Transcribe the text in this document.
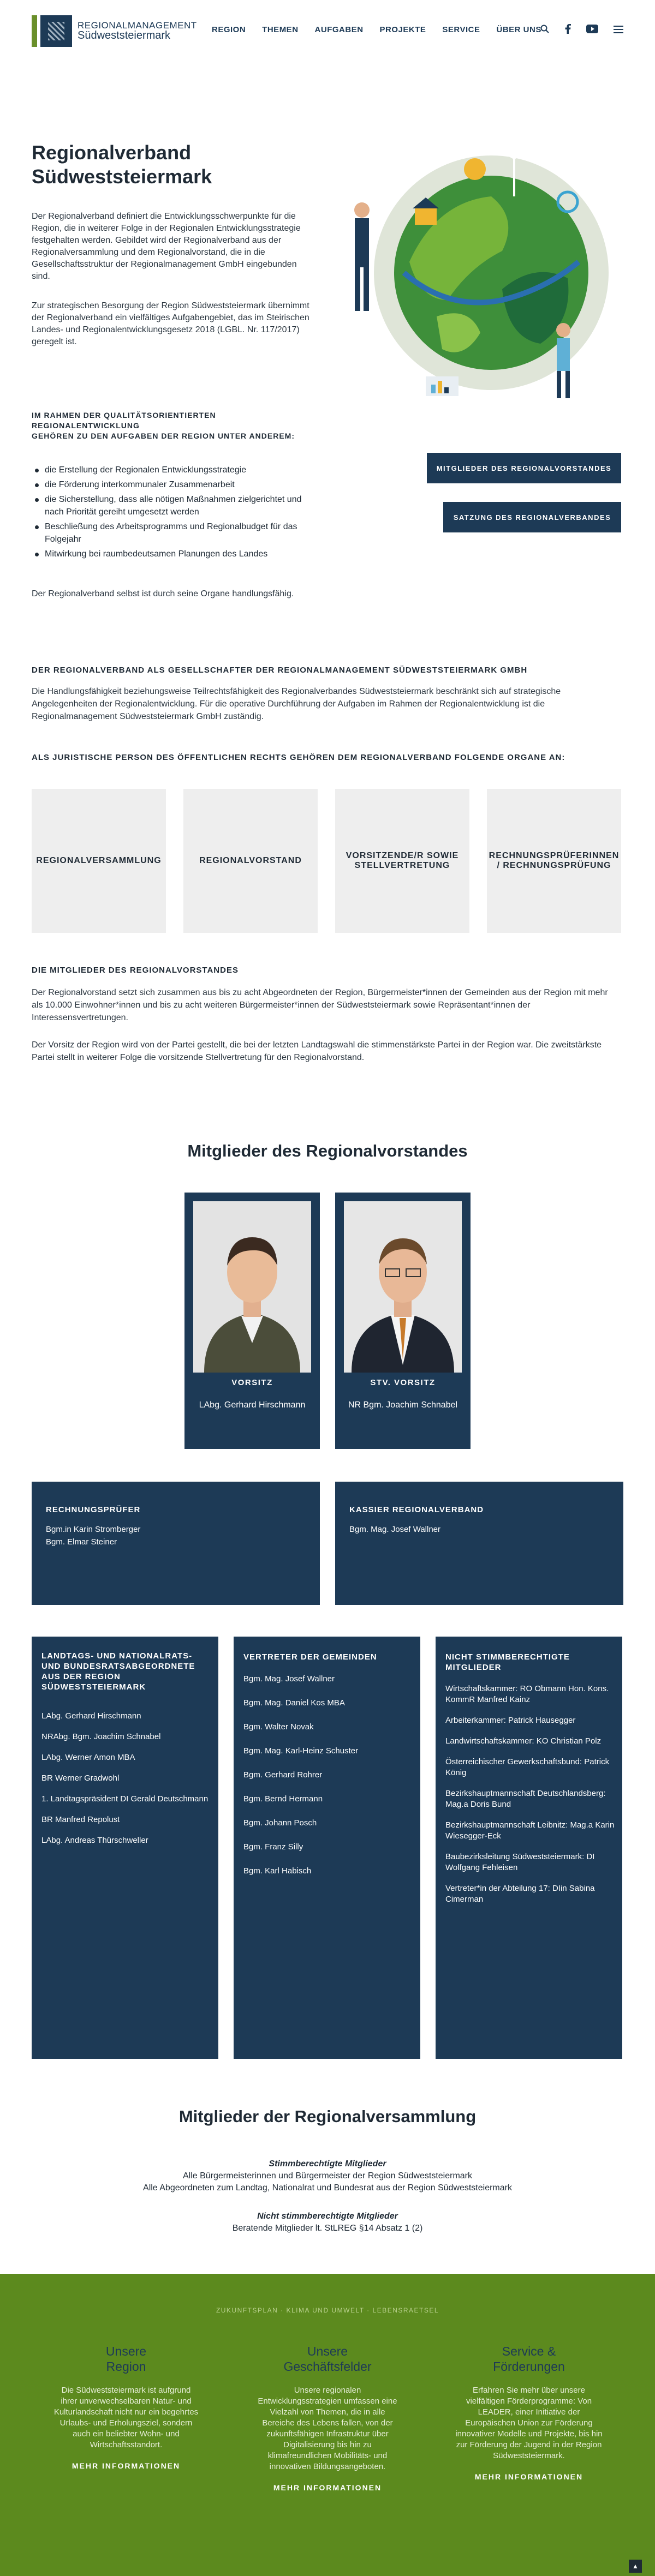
REGIONALMANAGEMENT
Südweststeiermark	REGION THEMEN AUFGABEN PROJEKTE SERVICE ÜBER UNS
Regionalverband
Südweststeiermark

Der Regionalverband definiert die Entwicklungsschwerpunkte für die Region, die in weiterer Folge in der Regionalen Entwicklungsstrategie festgehalten werden. Gebildet wird der Regionalverband aus der Regionalversammlung und dem Regionalvorstand, die in die Gesellschaftsstruktur der Regionalmanagement GmbH eingebunden sind.

Zur strategischen Besorgung der Region Südweststeiermark übernimmt der Regionalverband ein vielfältiges Aufgabengebiet, das im Steirischen Landes- und Regionalentwicklungsgesetz 2018 (LGBL. Nr. 117/2017) geregelt ist.

IM RAHMEN DER QUALITÄTSORIENTIERTEN REGIONALENTWICKLUNG
GEHÖREN ZU DEN AUFGABEN DER REGION UNTER ANDEREM:
die Erstellung der Regionalen Entwicklungsstrategie
die Förderung interkommunaler Zusammenarbeit
die Sicherstellung, dass alle nötigen Maßnahmen zielgerichtet und nach Priorität gereiht umgesetzt werden
Beschließung des Arbeitsprogramms und Regionalbudget für das Folgejahr
Mitwirkung bei raumbedeutsamen Planungen des Landes

Der Regionalverband selbst ist durch seine Organe handlungsfähig.

MITGLIEDER DES REGIONALVORSTANDES
SATZUNG DES REGIONALVERBANDES
DER REGIONALVERBAND ALS GESELLSCHAFTER DER REGIONALMANAGEMENT SÜDWESTSTEIERMARK GMBH

Die Handlungsfähigkeit beziehungsweise Teilrechtsfähigkeit des Regionalverbandes Südweststeiermark beschränkt sich auf strategische Angelegenheiten der Regionalentwicklung. Für die operative Durchführung der Aufgaben im Rahmen der Regionalentwicklung ist die Regionalmanagement Südweststeiermark GmbH zuständig.

ALS JURISTISCHE PERSON DES ÖFFENTLICHEN RECHTS GEHÖREN DEM REGIONALVERBAND FOLGENDE ORGANE AN:
REGIONALVERSAMMLUNG	REGIONALVORSTAND
VORSITZENDE/R SOWIE STELLVERTRETUNG
RECHNUNGSPRÜFERINNEN / RECHNUNGSPRÜFUNG
DIE MITGLIEDER DES REGIONALVORSTANDES

Der Regionalvorstand setzt sich zusammen aus bis zu acht Abgeordneten der Region, Bürgermeister*innen der Gemeinden aus der Region mit mehr als 10.000 Einwohner*innen und bis zu acht weiteren Bürgermeister*innen der Südweststeiermark sowie Repräsentant*innen der Interessensvertretungen.

Der Vorsitz der Region wird von der Partei gestellt, die bei der letzten Landtagswahl die stimmenstärkste Partei in der Region war. Die zweitstärkste Partei stellt in weiterer Folge die vorsitzende Stellvertretung für den Regionalvorstand.

Mitglieder des Regionalvorstandes
VORSITZ
LAbg. Gerhard Hirschmann
STV. VORSITZ
NR Bgm. Joachim Schnabel
RECHNUNGSPRÜFER
Bgm.in Karin Stromberger
Bgm. Elmar Steiner
KASSIER REGIONALVERBAND
Bgm. Mag. Josef Wallner
LANDTAGS- UND NATIONALRATS- UND BUNDESRATSABGEORDNETE AUS DER REGION SÜDWESTSTEIERMARK
LAbg. Gerhard Hirschmann
NRAbg. Bgm. Joachim Schnabel
LAbg. Werner Amon MBA
BR Werner Gradwohl
1. Landtagspräsident DI Gerald Deutschmann
BR Manfred Repolust
LAbg. Andreas Thürschweller
VERTRETER DER GEMEINDEN
Bgm. Mag. Josef Wallner
Bgm. Mag. Daniel Kos MBA
Bgm. Walter Novak
Bgm. Mag. Karl-Heinz Schuster
Bgm. Gerhard Rohrer
Bgm. Bernd Hermann
Bgm. Johann Posch
Bgm. Franz Silly
Bgm. Karl Habisch
NICHT STIMMBERECHTIGTE MITGLIEDER
Wirtschaftskammer: RO Obmann Hon. Kons. KommR Manfred Kainz
Arbeiterkammer: Patrick Hausegger
Landwirtschaftskammer: KO Christian Polz
Österreichischer Gewerkschaftsbund: Patrick König
Bezirkshauptmannschaft Deutschlandsberg: Mag.a Doris Bund
Bezirkshauptmannschaft Leibnitz: Mag.a Karin Wiesegger-Eck
Baubezirksleitung Südweststeiermark: DI Wolfgang Fehleisen
Vertreter*in der Abteilung 17: DIin Sabina Cimerman
Mitglieder der Regionalversammlung
Stimmberechtigte Mitglieder
Alle Bürgermeisterinnen und Bürgermeister der Region Südweststeiermark
Alle Abgeordneten zum Landtag, Nationalrat und Bundesrat aus der Region Südweststeiermark
Nicht stimmberechtigte Mitglieder
Beratende Mitglieder lt. StLREG §14 Absatz 1 (2)
ZUKUNFTSPLAN · KLIMA UND UMWELT · LEBENSRAETSEL
Unsere
Region

Die Südweststeiermark ist aufgrund ihrer unverwechselbaren Natur- und Kulturlandschaft nicht nur ein begehrtes Urlaubs- und Erholungsziel, sondern auch ein beliebter Wohn- und Wirtschaftsstandort.

MEHR INFORMATIONEN
Unsere
Geschäftsfelder

Unsere regionalen Entwicklungsstrategien umfassen eine Vielzahl von Themen, die in alle Bereiche des Lebens fallen, von der zukunftsfähigen Infrastruktur über Digitalisierung bis hin zu klimafreundlichen Mobilitäts- und innovativen Bildungsangeboten.

MEHR INFORMATIONEN
Service &
Förderungen

Erfahren Sie mehr über unsere vielfältigen Förderprogramme: Von LEADER, einer Initiative der Europäischen Union zur Förderung innovativer Modelle und Projekte, bis hin zur Förderung der Jugend in der Region Südweststeiermark.

MEHR INFORMATIONEN
▲
